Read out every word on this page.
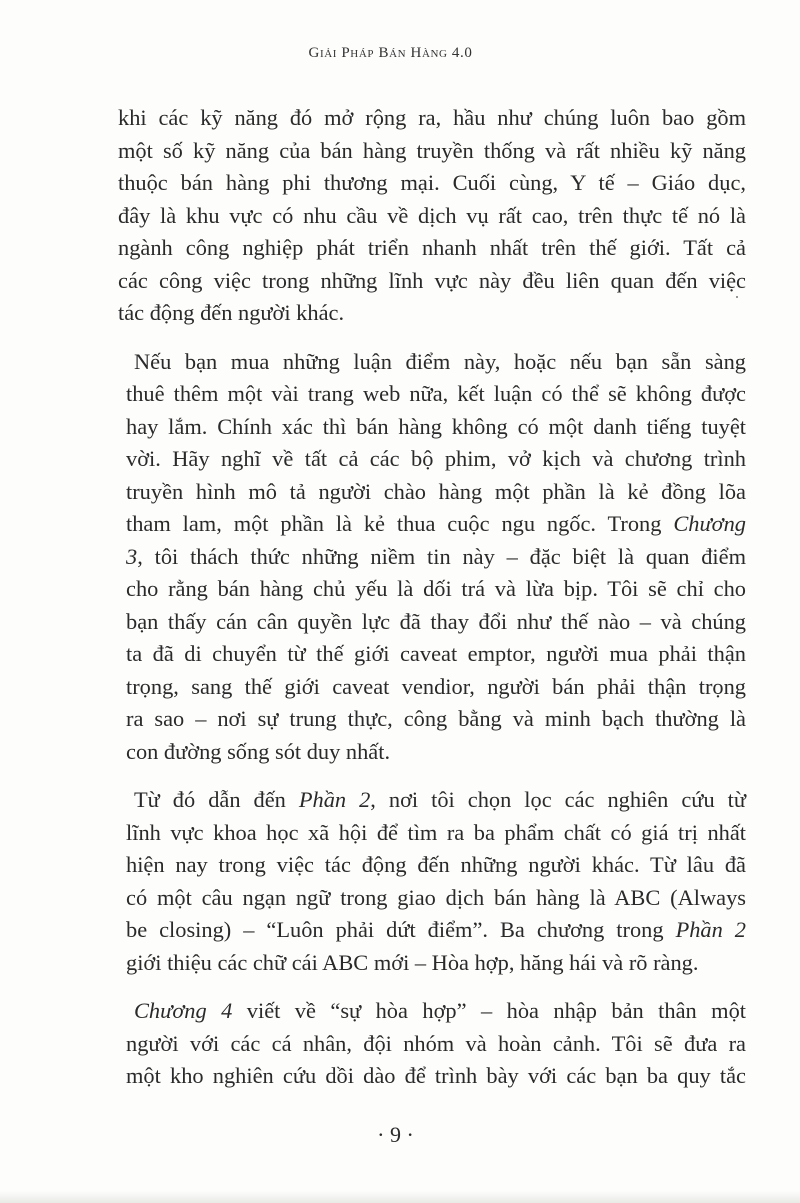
Giải Pháp Bán Hàng 4.0

khi các kỹ năng đó mở rộng ra, hầu như chúng luôn bao gồm
một số kỹ năng của bán hàng truyền thống và rất nhiều kỹ năng
thuộc bán hàng phi thương mại. Cuối cùng, Y tế – Giáo dục,
đây là khu vực có nhu cầu về dịch vụ rất cao, trên thực tế nó là
ngành công nghiệp phát triển nhanh nhất trên thế giới. Tất cả
các công việc trong những lĩnh vực này đều liên quan đến việc
tác động đến người khác.

Nếu bạn mua những luận điểm này, hoặc nếu bạn sẵn sàng
thuê thêm một vài trang web nữa, kết luận có thể sẽ không được
hay lắm. Chính xác thì bán hàng không có một danh tiếng tuyệt
vời. Hãy nghĩ về tất cả các bộ phim, vở kịch và chương trình
truyền hình mô tả người chào hàng một phần là kẻ đồng lõa
tham lam, một phần là kẻ thua cuộc ngu ngốc. Trong Chương
3, tôi thách thức những niềm tin này – đặc biệt là quan điểm
cho rằng bán hàng chủ yếu là dối trá và lừa bịp. Tôi sẽ chỉ cho
bạn thấy cán cân quyền lực đã thay đổi như thế nào – và chúng
ta đã di chuyển từ thế giới caveat emptor, người mua phải thận
trọng, sang thế giới caveat vendior, người bán phải thận trọng
ra sao – nơi sự trung thực, công bằng và minh bạch thường là
con đường sống sót duy nhất.

Từ đó dẫn đến Phần 2, nơi tôi chọn lọc các nghiên cứu từ
lĩnh vực khoa học xã hội để tìm ra ba phẩm chất có giá trị nhất
hiện nay trong việc tác động đến những người khác. Từ lâu đã
có một câu ngạn ngữ trong giao dịch bán hàng là ABC (Always
be closing) – “Luôn phải dứt điểm”. Ba chương trong Phần 2
giới thiệu các chữ cái ABC mới – Hòa hợp, hăng hái và rõ ràng.

Chương 4 viết về “sự hòa hợp” – hòa nhập bản thân một
người với các cá nhân, đội nhóm và hoàn cảnh. Tôi sẽ đưa ra
một kho nghiên cứu dồi dào để trình bày với các bạn ba quy tắc

· 9 ·
